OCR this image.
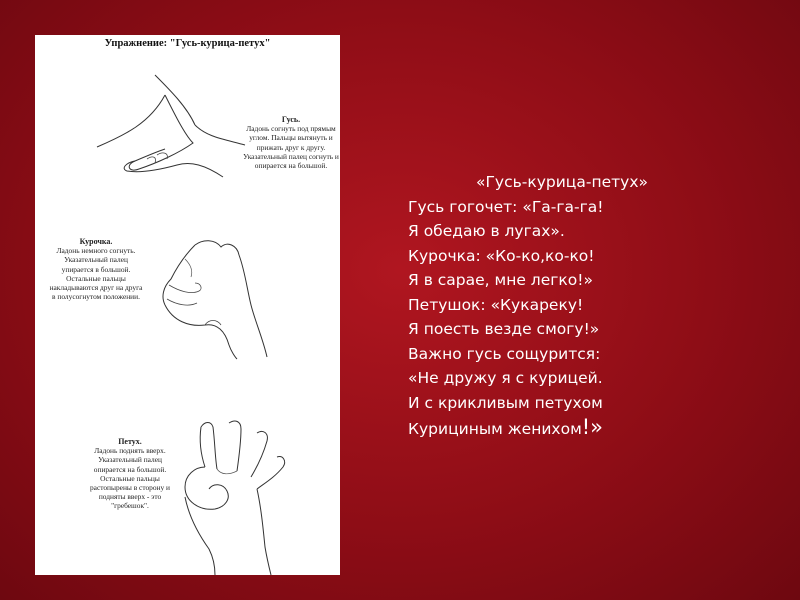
Упражнение: "Гусь-курица-петух"
Гусь.
Ладонь согнуть под прямым
углом. Пальцы вытянуть и
прижать друг к другу.
Указательный палец согнуть и
опирается на большой.
Курочка.
Ладонь немного согнуть.
Указательный палец
упирается в большой.
Остальные пальцы
накладываются друг на друга
в полусогнутом положении.
Петух.
Ладонь поднять вверх.
Указательный палец
опирается на большой.
Остальные пальцы
растопырены в сторону и
подняты вверх - это
"гребешок".
«Гусь-курица-петух»
Гусь гогочет: «Га-га-га!
Я обедаю в лугах».
Курочка: «Ко-ко,ко-ко!
Я в сарае, мне легко!»
Петушок: «Кукареку!
Я поесть везде смогу!»
Важно гусь сощурится:
«Не дружу я с курицей.
И с крикливым петухом
Курициным женихом!»
